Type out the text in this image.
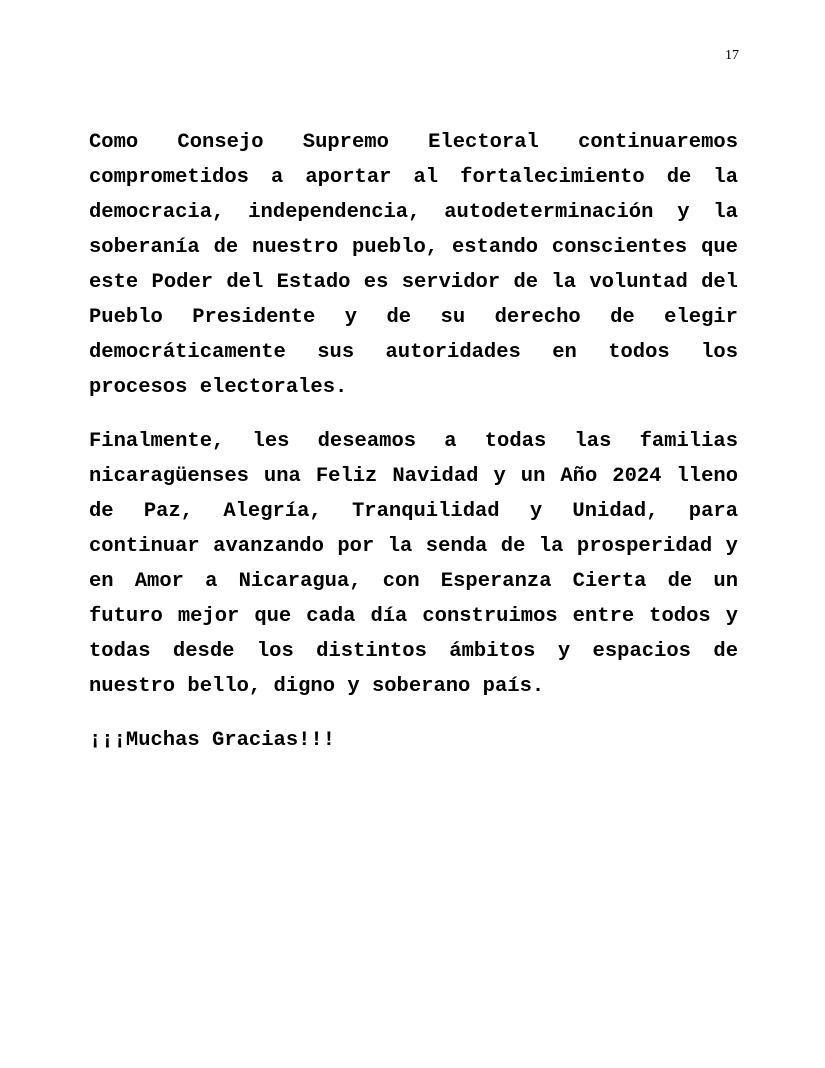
17

Como Consejo Supremo Electoral continuaremos comprometidos a aportar al fortalecimiento de la democracia, independencia, autodeterminación y la soberanía de nuestro pueblo, estando conscientes que este Poder del Estado es servidor de la voluntad del Pueblo Presidente y de su derecho de elegir democráticamente sus autoridades en todos los procesos electorales.

Finalmente, les deseamos a todas las familias nicaragüenses una Feliz Navidad y un Año 2024 lleno de Paz, Alegría, Tranquilidad y Unidad, para continuar avanzando por la senda de la prosperidad y en Amor a Nicaragua, con Esperanza Cierta de un futuro mejor que cada día construimos entre todos y todas desde los distintos ámbitos y espacios de nuestro bello, digno y soberano país.

¡¡¡Muchas Gracias!!!
